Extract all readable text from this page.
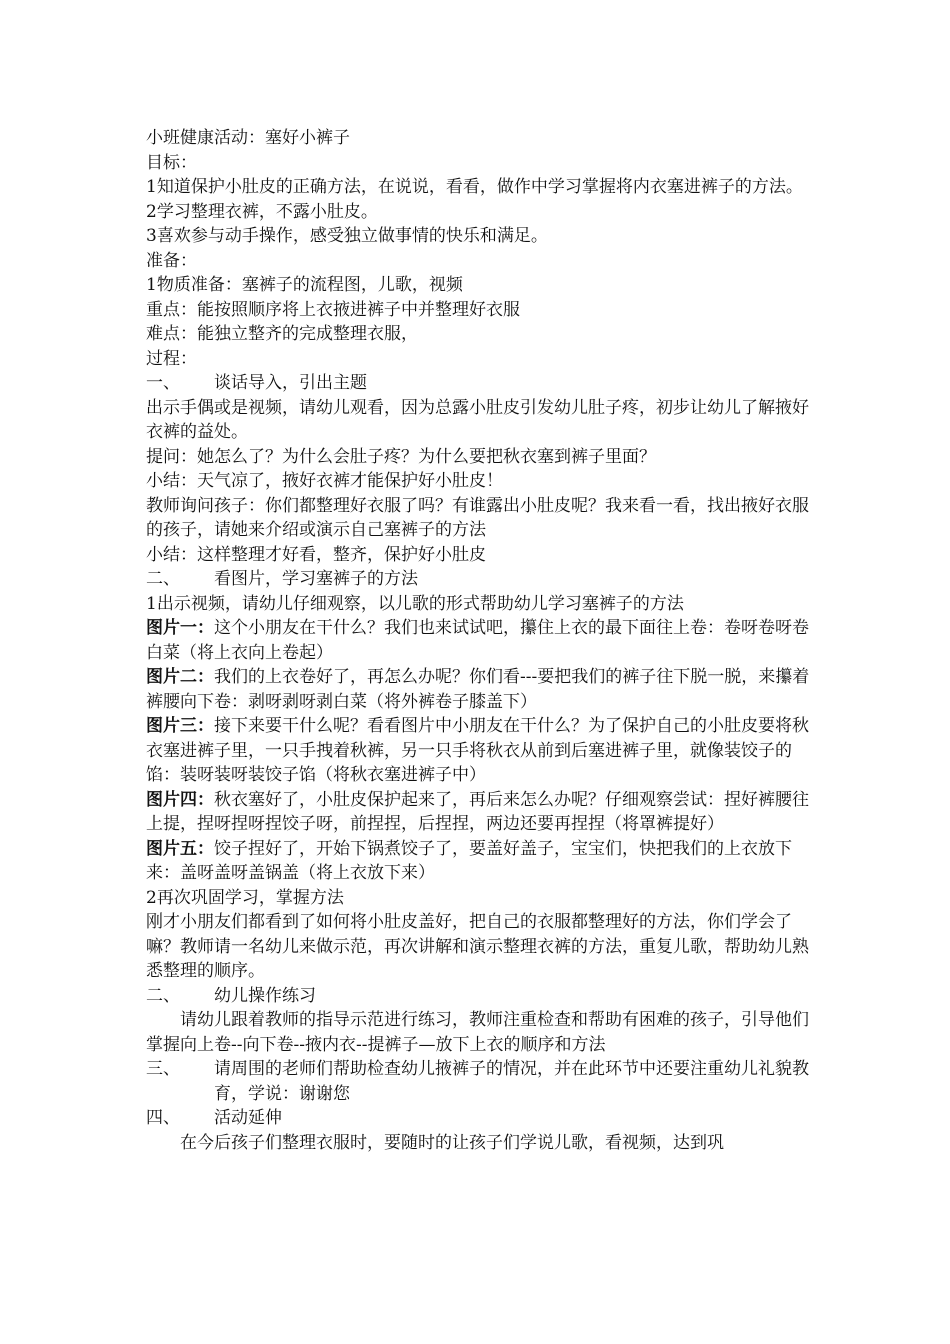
小班健康活动：塞好小裤子

目标：

1知道保护小肚皮的正确方法，在说说，看看，做作中学习掌握将内衣塞进裤子的方法。

2学习整理衣裤，不露小肚皮。

3喜欢参与动手操作，感受独立做事情的快乐和满足。

准备：

1物质准备：塞裤子的流程图，儿歌，视频

重点：能按照顺序将上衣掖进裤子中并整理好衣服

难点：能独立整齐的完成整理衣服，

过程：

一、	谈话导入，引出主题

出示手偶或是视频，请幼儿观看，因为总露小肚皮引发幼儿肚子疼，初步让幼儿了解掖好衣裤的益处。

提问：她怎么了？为什么会肚子疼？为什么要把秋衣塞到裤子里面？

小结：天气凉了，掖好衣裤才能保护好小肚皮！

教师询问孩子：你们都整理好衣服了吗？有谁露出小肚皮呢？我来看一看，找出掖好衣服的孩子，请她来介绍或演示自己塞裤子的方法

小结：这样整理才好看，整齐，保护好小肚皮

二、	看图片，学习塞裤子的方法

1出示视频，请幼儿仔细观察，以儿歌的形式帮助幼儿学习塞裤子的方法

图片一：这个小朋友在干什么？我们也来试试吧，攥住上衣的最下面往上卷：卷呀卷呀卷白菜（将上衣向上卷起）

图片二：我们的上衣卷好了，再怎么办呢？你们看---要把我们的裤子往下脱一脱，来攥着裤腰向下卷：剥呀剥呀剥白菜（将外裤卷子膝盖下）

图片三：接下来要干什么呢？看看图片中小朋友在干什么？为了保护自己的小肚皮要将秋衣塞进裤子里，一只手拽着秋裤，另一只手将秋衣从前到后塞进裤子里，就像装饺子的馅：装呀装呀装饺子馅（将秋衣塞进裤子中）

图片四：秋衣塞好了，小肚皮保护起来了，再后来怎么办呢？仔细观察尝试：捏好裤腰往上提，捏呀捏呀捏饺子呀，前捏捏，后捏捏，两边还要再捏捏（将罩裤提好）

图片五：饺子捏好了，开始下锅煮饺子了，要盖好盖子，宝宝们，快把我们的上衣放下来：盖呀盖呀盖锅盖（将上衣放下来）

2再次巩固学习，掌握方法

刚才小朋友们都看到了如何将小肚皮盖好，把自己的衣服都整理好的方法，你们学会了嘛？教师请一名幼儿来做示范，再次讲解和演示整理衣裤的方法，重复儿歌，帮助幼儿熟悉整理的顺序。

二、	幼儿操作练习

请幼儿跟着教师的指导示范进行练习，教师注重检查和帮助有困难的孩子，引导他们掌握向上卷--向下卷--掖内衣--提裤子—放下上衣的顺序和方法

三、	请周围的老师们帮助检查幼儿掖裤子的情况，并在此环节中还要注重幼儿礼貌教育，学说：谢谢您
四、	活动延伸

在今后孩子们整理衣服时，要随时的让孩子们学说儿歌，看视频，达到巩
